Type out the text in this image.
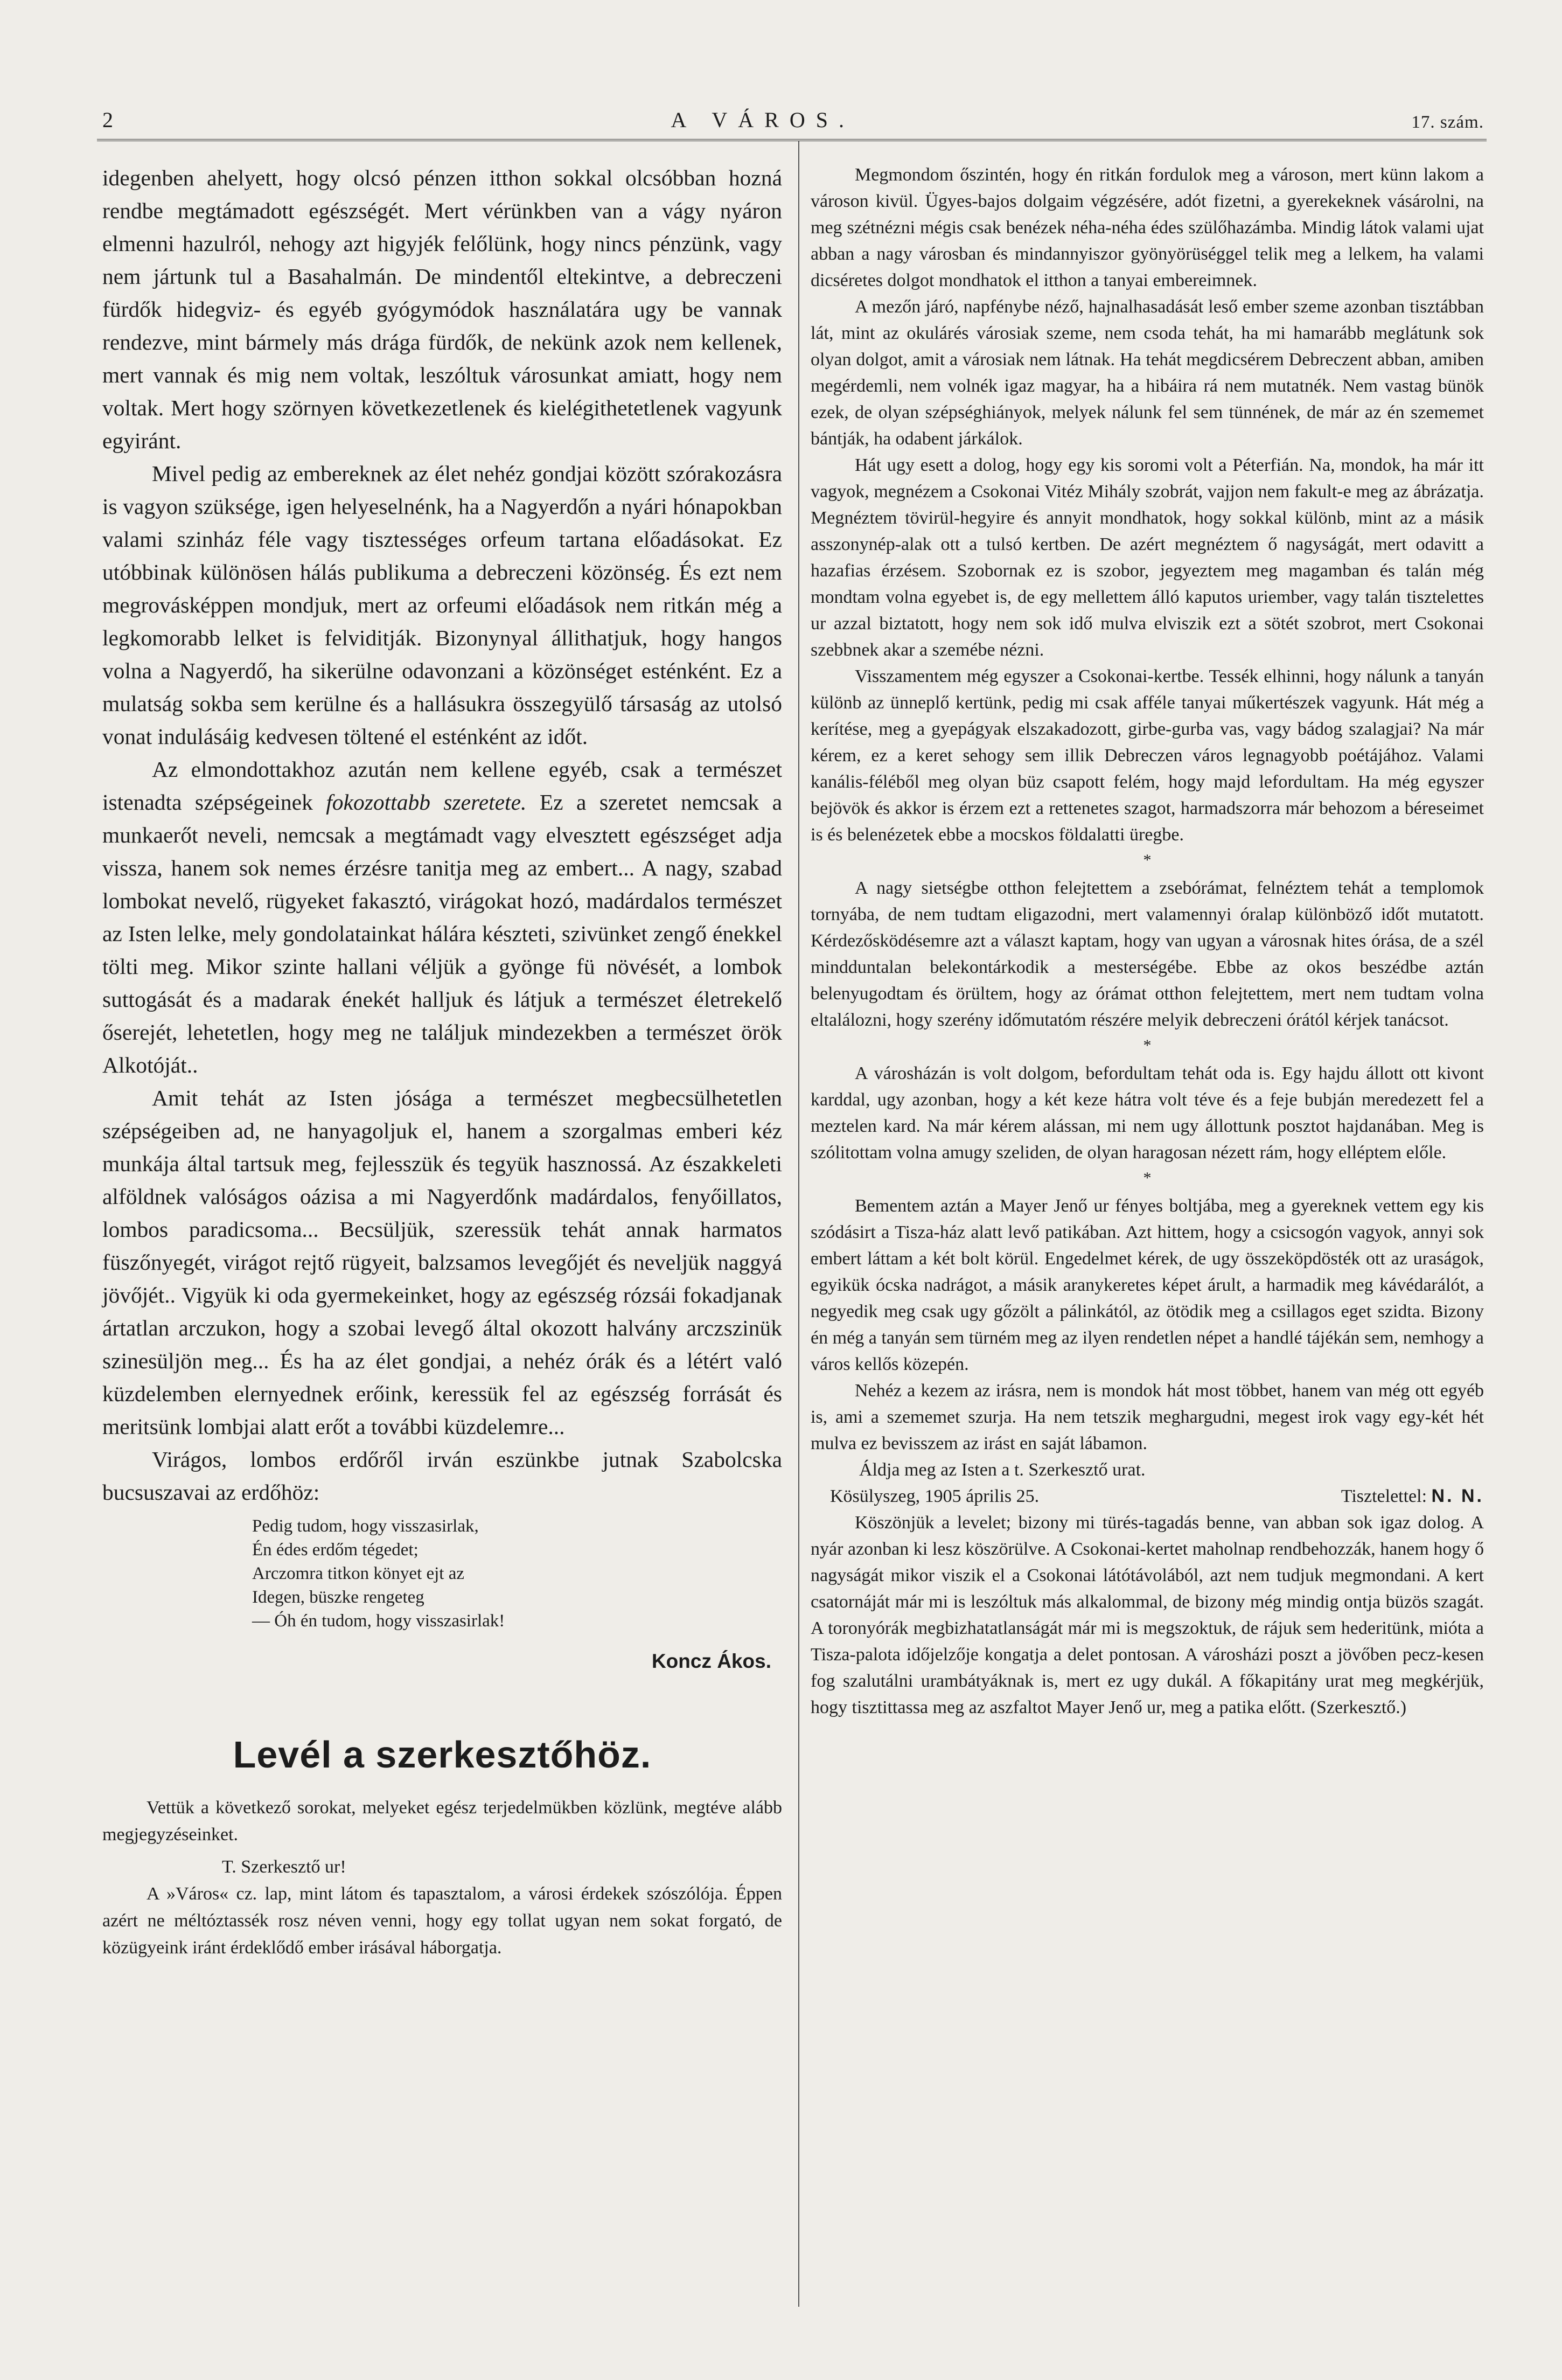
2	A VÁROS.	17. szám.

idegenben ahelyett, hogy olcsó pénzen itthon sokkal olcsóbban hozná rendbe megtámadott egészségét. Mert vérünkben van a vágy nyáron elmenni hazulról, nehogy azt higyjék felőlünk, hogy nincs pénzünk, vagy nem jártunk tul a Basahalmán. De mindentől eltekintve, a debreczeni fürdők hidegviz- és egyéb gyógymódok használatára ugy be vannak rendezve, mint bármely más drága fürdők, de nekünk azok nem kellenek, mert vannak és mig nem voltak, leszóltuk városunkat amiatt, hogy nem voltak. Mert hogy szörnyen következetlenek és kielégithetetlenek vagyunk egyiránt.

Mivel pedig az embereknek az élet nehéz gondjai között szórakozásra is vagyon szüksége, igen helyeselnénk, ha a Nagyerdőn a nyári hónapokban valami szinház féle vagy tisztességes orfeum tartana előadásokat. Ez utóbbinak különösen hálás publikuma a debreczeni közönség. És ezt nem megrovásképpen mondjuk, mert az orfeumi előadások nem ritkán még a legkomorabb lelket is felviditják. Bizonynyal állithatjuk, hogy hangos volna a Nagyerdő, ha sikerülne odavonzani a közönséget esténként. Ez a mulatság sokba sem kerülne és a hallásukra összegyülő társaság az utolsó vonat indulásáig kedvesen töltené el esténként az időt.

Az elmondottakhoz azután nem kellene egyéb, csak a természet istenadta szépségeinek fokozottabb szeretete. Ez a szeretet nemcsak a munkaerőt neveli, nemcsak a megtámadt vagy elvesztett egészséget adja vissza, hanem sok nemes érzésre tanitja meg az embert... A nagy, szabad lombokat nevelő, rügyeket fakasztó, virágokat hozó, madárdalos természet az Isten lelke, mely gondolatainkat hálára készteti, szivünket zengő énekkel tölti meg. Mikor szinte hallani véljük a gyönge fü növését, a lombok suttogását és a madarak énekét halljuk és látjuk a természet életrekelő őserejét, lehetetlen, hogy meg ne találjuk mindezekben a természet örök Alkotóját..

Amit tehát az Isten jósága a természet megbecsülhetetlen szépségeiben ad, ne hanyagoljuk el, hanem a szorgalmas emberi kéz munkája által tartsuk meg, fejlesszük és tegyük hasznossá. Az északkeleti alföldnek valóságos oázisa a mi Nagyerdőnk madárdalos, fenyőillatos, lombos paradicsoma... Becsüljük, szeressük tehát annak harmatos füszőnyegét, virágot rejtő rügyeit, balzsamos levegőjét és neveljük naggyá jövőjét.. Vigyük ki oda gyermekeinket, hogy az egészség rózsái fokadjanak ártatlan arczukon, hogy a szobai levegő által okozott halvány arczszinük szinesüljön meg... És ha az élet gondjai, a nehéz órák és a létért való küzdelemben elernyednek erőink, keressük fel az egészség forrását és meritsünk lombjai alatt erőt a további küzdelemre...

Virágos, lombos erdőről irván eszünkbe jutnak Szabolcska bucsuszavai az erdőhöz:

Pedig tudom, hogy visszasirlak,
Én édes erdőm tégedet;
Arczomra titkon könyet ejt az
Idegen, büszke rengeteg
— Óh én tudom, hogy visszasirlak!
Koncz Ákos.
Levél a szerkesztőhöz.

Vettük a következő sorokat, melyeket egész terjedelmükben közlünk, megtéve alább megjegyzéseinket.

T. Szerkesztő ur!

A »Város« cz. lap, mint látom és tapasztalom, a városi érdekek szószólója. Éppen azért ne méltóztassék rosz néven venni, hogy egy tollat ugyan nem sokat forgató, de közügyeink iránt érdeklődő ember irásával háborgatja.

Megmondom őszintén, hogy én ritkán fordulok meg a városon, mert künn lakom a városon kivül. Ügyes-bajos dolgaim végzésére, adót fizetni, a gyerekeknek vásárolni, na meg szétnézni mégis csak benézek néha-néha édes szülőhazámba. Mindig látok valami ujat abban a nagy városban és mindannyiszor gyönyörüséggel telik meg a lelkem, ha valami dicséretes dolgot mondhatok el itthon a tanyai embereimnek.

A mezőn járó, napfénybe néző, hajnalhasadását leső ember szeme azonban tisztábban lát, mint az okulárés városiak szeme, nem csoda tehát, ha mi hamarább meglátunk sok olyan dolgot, amit a városiak nem látnak. Ha tehát megdicsérem Debreczent abban, amiben megérdemli, nem volnék igaz magyar, ha a hibáira rá nem mutatnék. Nem vastag bünök ezek, de olyan szépséghiányok, melyek nálunk fel sem tünnének, de már az én szememet bántják, ha odabent járkálok.

Hát ugy esett a dolog, hogy egy kis soromi volt a Péterfián. Na, mondok, ha már itt vagyok, megnézem a Csokonai Vitéz Mihály szobrát, vajjon nem fakult-e meg az ábrázatja. Megnéztem tövirül-hegyire és annyit mondhatok, hogy sokkal különb, mint az a másik asszonynép-alak ott a tulsó kertben. De azért megnéztem ő nagyságát, mert odavitt a hazafias érzésem. Szobornak ez is szobor, jegyeztem meg magamban és talán még mondtam volna egyebet is, de egy mellettem álló kaputos uriember, vagy talán tisztelettes ur azzal biztatott, hogy nem sok idő mulva elviszik ezt a sötét szobrot, mert Csokonai szebbnek akar a szemébe nézni.

Visszamentem még egyszer a Csokonai-kertbe. Tessék elhinni, hogy nálunk a tanyán különb az ünneplő kertünk, pedig mi csak afféle tanyai műkertészek vagyunk. Hát még a kerítése, meg a gyepágyak elszakadozott, girbe-gurba vas, vagy bádog szalagjai? Na már kérem, ez a keret sehogy sem illik Debreczen város legnagyobb poétájához. Valami kanális-féléből meg olyan büz csapott felém, hogy majd lefordultam. Ha még egyszer bejövök és akkor is érzem ezt a rettenetes szagot, harmadszorra már behozom a béreseimet is és belenézetek ebbe a mocskos földalatti üregbe.

*

A nagy sietségbe otthon felejtettem a zsebórámat, felnéztem tehát a templomok tornyába, de nem tudtam eligazodni, mert valamennyi óralap különböző időt mutatott. Kérdezősködésemre azt a választ kaptam, hogy van ugyan a városnak hites órása, de a szél mindduntalan belekontárkodik a mesterségébe. Ebbe az okos beszédbe aztán belenyugodtam és örültem, hogy az órámat otthon felejtettem, mert nem tudtam volna eltalálozni, hogy szerény időmutatóm részére melyik debreczeni órától kérjek tanácsot.

*

A városházán is volt dolgom, befordultam tehát oda is. Egy hajdu állott ott kivont karddal, ugy azonban, hogy a két keze hátra volt téve és a feje bubján meredezett fel a meztelen kard. Na már kérem alássan, mi nem ugy állottunk posztot hajdanában. Meg is szólitottam volna amugy szeliden, de olyan haragosan nézett rám, hogy elléptem előle.

*

Bementem aztán a Mayer Jenő ur fényes boltjába, meg a gyereknek vettem egy kis szódásirt a Tisza-ház alatt levő patikában. Azt hittem, hogy a csicsogón vagyok, annyi sok embert láttam a két bolt körül. Engedelmet kérek, de ugy összeköpdösték ott az uraságok, egyikük ócska nadrágot, a másik aranykeretes képet árult, a harmadik meg kávédarálót, a negyedik meg csak ugy gőzölt a pálinkától, az ötödik meg a csillagos eget szidta. Bizony én még a tanyán sem türném meg az ilyen rendetlen népet a handlé tájékán sem, nemhogy a város kellős közepén.

Nehéz a kezem az irásra, nem is mondok hát most többet, hanem van még ott egyéb is, ami a szememet szurja. Ha nem tetszik meghargudni, megest irok vagy egy-két hét mulva ez bevisszem az irást en saját lábamon.

Áldja meg az Isten a t. Szerkesztő urat.

Kösülyszeg, 1905 április 25.	Tisztelettel: N. N.

Köszönjük a levelet; bizony mi türés-tagadás benne, van abban sok igaz dolog. A nyár azonban ki lesz köszörülve. A Csokonai-kertet maholnap rendbehozzák, hanem hogy ő nagyságát mikor viszik el a Csokonai látótávolából, azt nem tudjuk megmondani. A kert csatornáját már mi is leszóltuk más alkalommal, de bizony még mindig ontja büzös szagát. A toronyórák megbizhatatlanságát már mi is megszoktuk, de rájuk sem hederitünk, mióta a Tisza-palota időjelzője kongatja a delet pontosan. A városházi poszt a jövőben pecz-kesen fog szalutálni urambátyáknak is, mert ez ugy dukál. A főkapitány urat meg megkérjük, hogy tisztittassa meg az aszfaltot Mayer Jenő ur, meg a patika előtt. (Szerkesztő.)
